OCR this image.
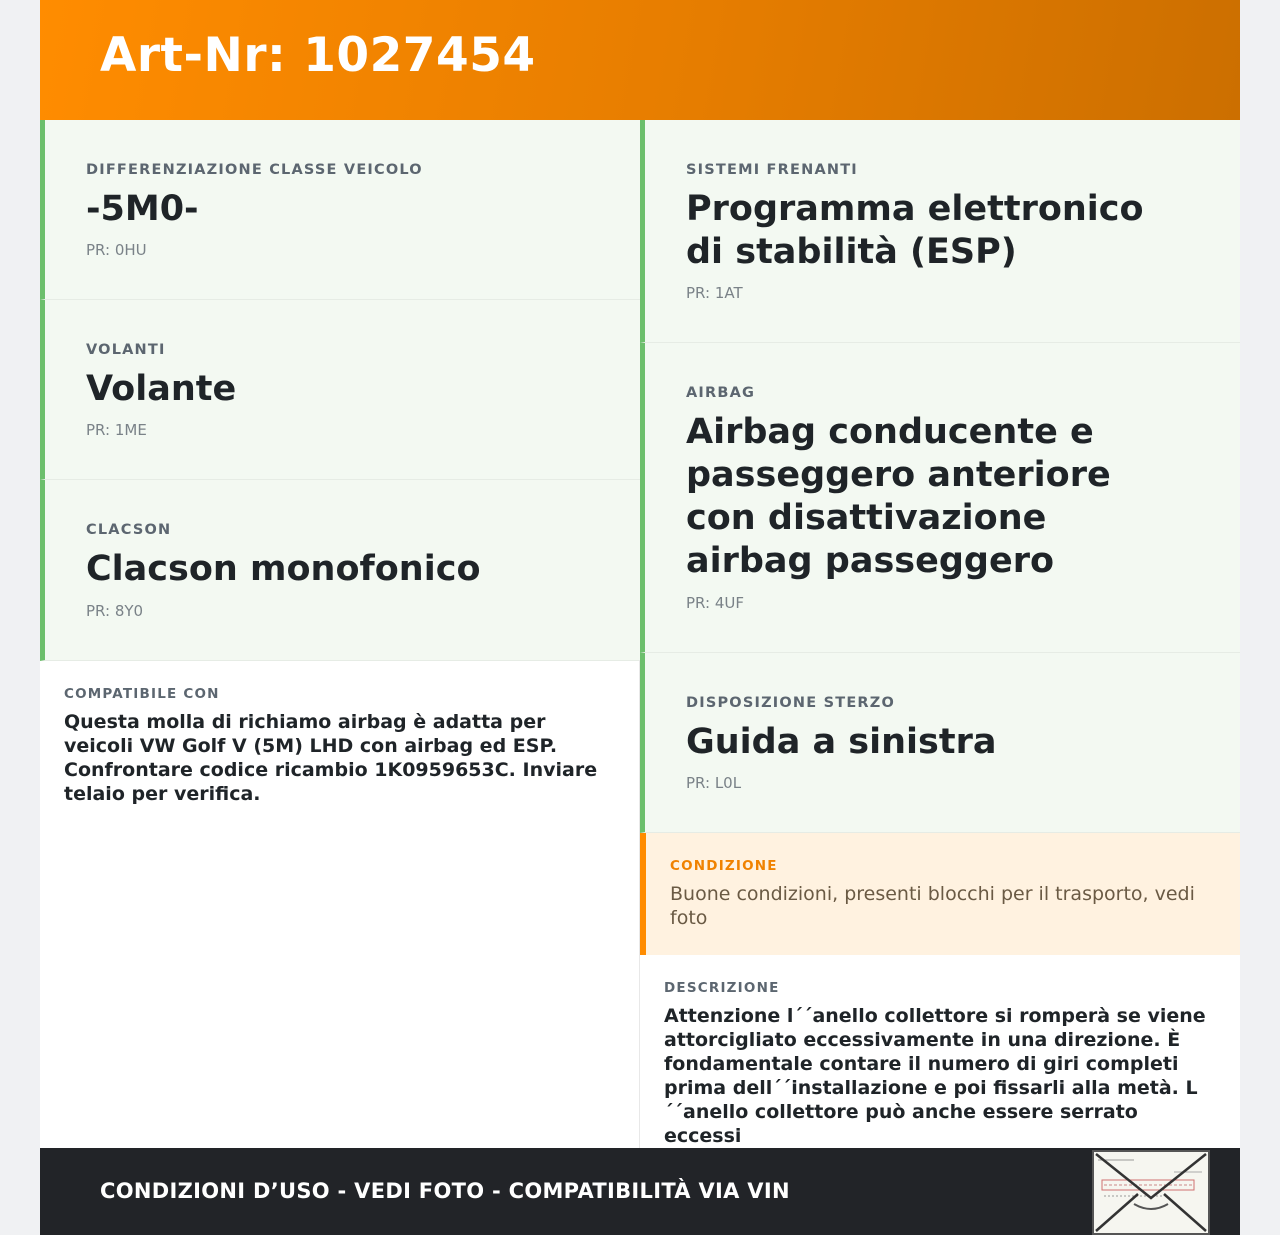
Art-Nr: 1027454
DIFFERENZIAZIONE CLASSE VEICOLO
-5M0-
PR: 0HU
VOLANTI
Volante
PR: 1ME
CLACSON
Clacson monofonico
PR: 8Y0
SISTEMI FRENANTI
Programma elettronico di stabilità (ESP)
PR: 1AT
AIRBAG
Airbag conducente e passeggero anteriore con disattivazione airbag passeggero
PR: 4UF
DISPOSIZIONE STERZO
Guida a sinistra
PR: L0L
COMPATIBILE CON
Questa molla di richiamo airbag è adatta per veicoli VW Golf V (5M) LHD con airbag ed ESP. Confrontare codice ricambio 1K0959653C. Inviare telaio per verifica.
CONDIZIONE
Buone condizioni, presenti blocchi per il trasporto, vedi foto
DESCRIZIONE
Attenzione l´´anello collettore si romperà se viene attorcigliato eccessivamente in una direzione. È fondamentale contare il numero di giri completi prima dell´´installazione e poi fissarli alla metà. L´´anello collettore può anche essere serrato eccessi
CONDIZIONI D’USO - VEDI FOTO - COMPATIBILITÀ VIA VIN
